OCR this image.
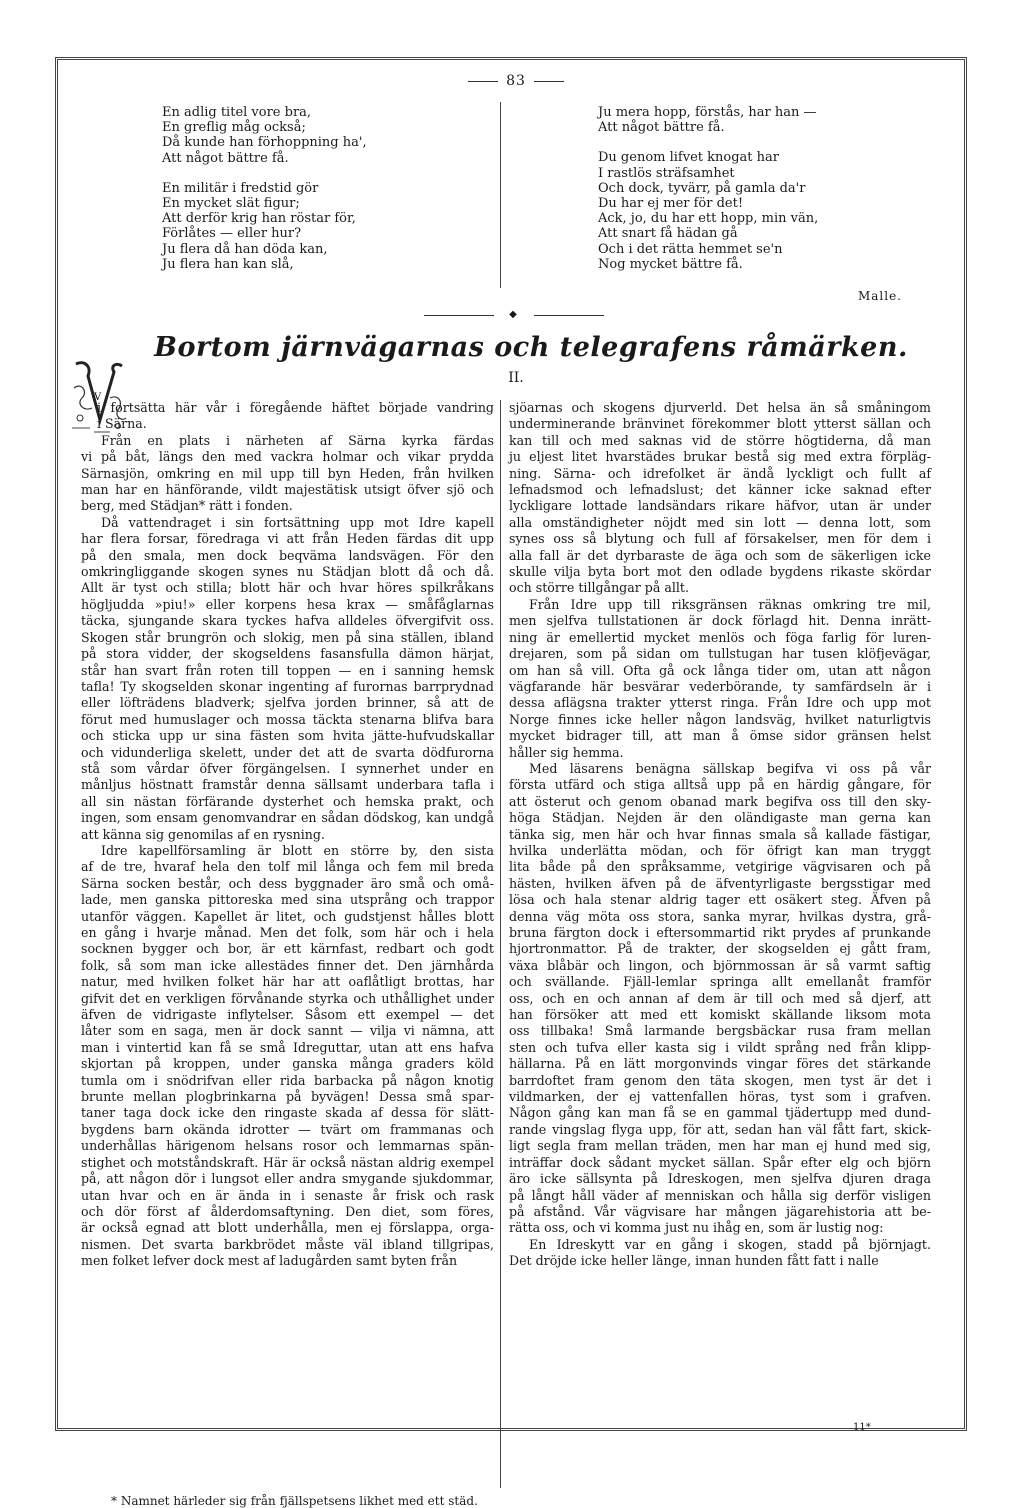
83
En adlig titel vore bra,
En greflig måg också;
Då kunde han förhoppning ha',
Att något bättre få.
En militär i fredstid gör
En mycket slät figur;
Att derför krig han röstar för,
Förlåtes — eller hur?
Ju flera då han döda kan,
Ju flera han kan slå,
Ju mera hopp, förstås, har han —
Att något bättre få.
Du genom lifvet knogat har
I rastlös sträfsamhet
Och dock, tyvärr, på gamla da'r
Du har ej mer för det!
Ack, jo, du har ett hopp, min vän,
Att snart få hädan gå
Och i det rätta hemmet se'n
Nog mycket bättre få.
Malle.
◆
Bortom järnvägarnas och telegrafens råmärken.
II.
V
i fortsätta här vår i föregående häftet började vandring
i Särna.
Från en plats i närheten af Särna kyrka färdas
vi på båt, längs den med vackra holmar och vikar prydda
Särnasjön, omkring en mil upp till byn Heden, från hvilken
man har en hänförande, vildt majestätisk utsigt öfver sjö och
berg, med Städjan* rätt i fonden.
Då vattendraget i sin fortsättning upp mot Idre kapell
har flera forsar, föredraga vi att från Heden färdas dit upp
på den smala, men dock beqväma landsvägen. För den
omkringliggande skogen synes nu Städjan blott då och då.
Allt är tyst och stilla; blott här och hvar höres spilkråkans
höglјudda »piu!» eller korpens hesa krax — småfåglarnas
täcka, sjungande skara tyckes hafva alldeles öfvergifvit oss.
Skogen står brungrön och slokig, men på sina ställen, ibland
på stora vidder, der skogseldens fasansfulla dämon härjat,
står han svart från roten till toppen — en i sanning hemsk
tafla! Ty skogselden skonar ingenting af furornas barrprydnad
eller löfträdens bladverk; sjelfva jorden brinner, så att de
förut med humuslager och mossa täckta stenarna blifva bara
och sticka upp ur sina fästen som hvita jätte-hufvudskallar
och vidunderliga skelett, under det att de svarta dödfurorna
stå som vårdar öfver förgängelsen. I synnerhet under en
månljus höstnatt framstår denna sällsamt underbara tafla i
all sin nästan förfärande dysterhet och hemska prakt, och
ingen, som ensam genomvandrar en sådan dödskog, kan undgå
att känna sig genomilas af en rysning.
Idre kapellförsamling är blott en större by, den sista
af de tre, hvaraf hela den tolf mil långa och fem mil breda
Särna socken består, och dess byggnader äro små och omå-
lade, men ganska pittoreska med sina utsprång och trappor
utanför väggen. Kapellet är litet, och gudstjenst hålles blott
en gång i hvarje månad. Men det folk, som här och i hela
socknen bygger och bor, är ett kärnfast, redbart och godt
folk, så som man icke allestädes finner det. Den järnhårda
natur, med hvilken folket här har att oaflåtligt brottas, har
gifvit det en verkligen förvånande styrka och uthållighet under
äfven de vidrigaste inflytelser. Såsom ett exempel — det
låter som en saga, men är dock sannt — vilja vi nämna, att
man i vintertid kan få se små Idreguttar, utan att ens hafva
skjortan på kroppen, under ganska många graders köld
tumla om i snödrifvan eller rida barbacka på någon knotig
brunte mellan plogbrinkarna på byvägen! Dessa små spar-
taner taga dock icke den ringaste skada af dessa för slätt-
bygdens barn okända idrotter — tvärt om frammanas och
underhållas härigenom helsans rosor och lemmarnas spän-
stighet och motståndskraft. Här är också nästan aldrig exempel
på, att någon dör i lungsot eller andra smygande sjukdommar,
utan hvar och en är ända in i senaste år frisk och rask
och dör först af ålderdomsaftyning. Den diet, som föres,
är också egnad att blott underhålla, men ej förslappa, orga-
nismen. Det svarta barkbrödet måste väl ibland tillgripas,
men folket lefver dock mest af ladugården samt byten från
sjöarnas och skogens djurverld. Det helsa än så småningom
underminerande bränvinet förekommer blott ytterst sällan och
kan till och med saknas vid de större högtiderna, då man
ju eljest litet hvarstädes brukar bestå sig med extra förpläg-
ning. Särna- och idrefolket är ändå lyckligt och fullt af
lefnadsmod och lefnadslust; det känner icke saknad efter
lyckligare lottade landsändars rikare häfvor, utan är under
alla omständigheter nöjdt med sin lott — denna lott, som
synes oss så blytung och full af försakelser, men för dem i
alla fall är det dyrbaraste de äga och som de säkerligen icke
skulle vilja byta bort mot den odlade bygdens rikaste skördar
och större tillgångar på allt.
Från Idre upp till riksgränsen räknas omkring tre mil,
men sjelfva tullstationen är dock förlagd hit. Denna inrätt-
ning är emellertid mycket menlös och föga farlig för luren-
drejaren, som på sidan om tullstugan har tusen klöfjevägar,
om han så vill. Ofta gå ock långa tider om, utan att någon
vägfarande här besvärar vederbörande, ty samfärdseln är i
dessa aflägsna trakter ytterst ringa. Från Idre och upp mot
Norge finnes icke heller någon landsväg, hvilket naturligtvis
mycket bidrager till, att man å ömse sidor gränsen helst
håller sig hemma.
Med läsarens benägna sällskap begifva vi oss på vår
första utfärd och stiga alltså upp på en härdig gångare, för
att österut och genom obanad mark begifva oss till den sky-
höga Städjan. Nejden är den oländigaste man gerna kan
tänka sig, men här och hvar finnas smala så kallade fästigar,
hvilka underlätta mödan, och för öfrigt kan man tryggt
lita både på den språksamme, vetgirige vägvisaren och på
hästen, hvilken äfven på de äfventyrligaste bergsstigar med
lösa och hala stenar aldrig tager ett osäkert steg. Äfven på
denna väg möta oss stora, sanka myrar, hvilkas dystra, grå-
bruna färgton dock i eftersommartid rikt prydes af prunkande
hjortronmattor. På de trakter, der skogselden ej gått fram,
växa blåbär och lingon, och björnmossan är så varmt saftig
och svällande. Fjäll-lemlar springa allt emellanåt framför
oss, och en och annan af dem är till och med så djerf, att
han försöker att med ett komiskt skällande liksom mota
oss tillbaka! Små larmande bergsbäckar rusa fram mellan
sten och tufva eller kasta sig i vildt språng ned från klipp-
hällarna. På en lätt morgonvinds vingar föres det stärkande
barrdoftet fram genom den täta skogen, men tyst är det i
vildmarken, der ej vattenfallen höras, tyst som i grafven.
Någon gång kan man få se en gammal tjädertupp med dund-
rande vingslag flyga upp, för att, sedan han väl fått fart, skick-
ligt segla fram mellan träden, men har man ej hund med sig,
inträffar dock sådant mycket sällan. Spår efter elg och björn
äro icke sällsynta på Idreskogen, men sjelfva djuren draga
på långt håll väder af menniskan och hålla sig derför visligen
på afstånd. Vår vägvisare har mången jägarehistoria att be-
rätta oss, och vi komma just nu ihåg en, som är lustig nog:
En Idreskytt var en gång i skogen, stadd på björnjagt.
Det dröjde icke heller länge, innan hunden fått fatt i nalle
* Namnet härleder sig från fjällspetsens likhet med ett städ.
11*
